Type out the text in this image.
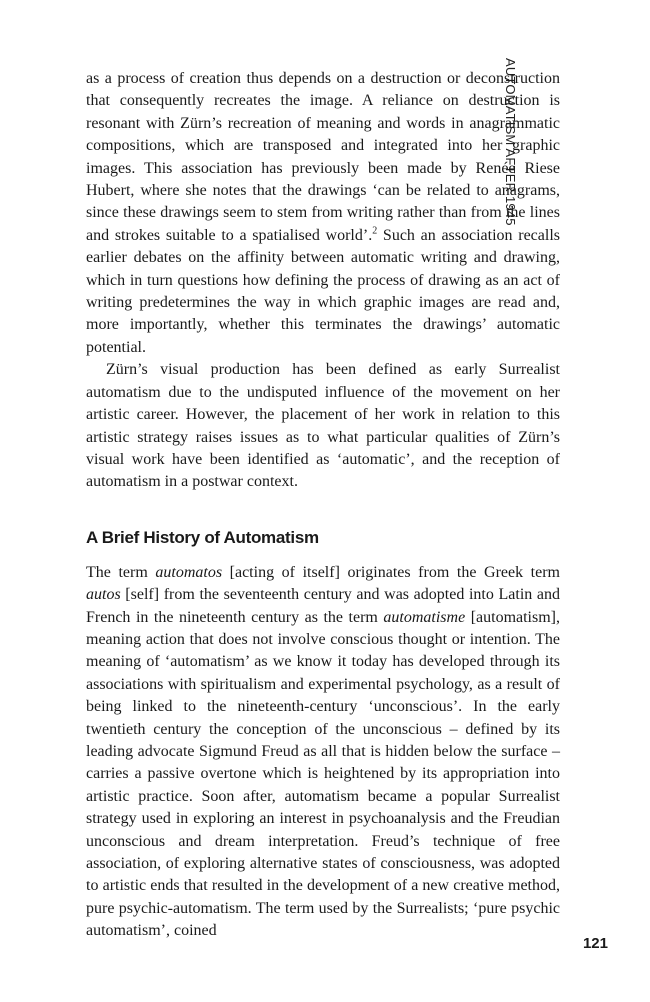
AUTOMATISM AFTER 1945

as a process of creation thus depends on a destruction or deconstruction that consequently recreates the image. A reliance on destruction is resonant with Zürn’s recreation of meaning and words in anagrammatic compositions, which are transposed and integrated into her graphic images. This association has previously been made by Renée Riese Hubert, where she notes that the drawings ‘can be related to anagrams, since these drawings seem to stem from writing rather than from the lines and strokes suitable to a spatialised world’.$^2$ Such an association recalls earlier debates on the affinity between automatic writing and drawing, which in turn questions how defining the process of drawing as an act of writing predetermines the way in which graphic images are read and, more importantly, whether this terminates the drawings’ automatic potential.

Zürn’s visual production has been defined as early Surrealist automatism due to the undisputed influence of the movement on her artistic career. However, the placement of her work in relation to this artistic strategy raises issues as to what particular qualities of Zürn’s visual work have been identified as ‘automatic’, and the reception of automatism in a postwar context.

A Brief History of Automatism

The term automatos [acting of itself] originates from the Greek term autos [self] from the seventeenth century and was adopted into Latin and French in the nineteenth century as the term automatisme [automatism], meaning action that does not involve conscious thought or intention. The meaning of ‘automatism’ as we know it today has developed through its associations with spiritualism and experimental psychology, as a result of being linked to the nineteenth-century ‘unconscious’. In the early twentieth century the conception of the unconscious – defined by its leading advocate Sigmund Freud as all that is hidden below the surface – carries a passive overtone which is heightened by its appropriation into artistic practice. Soon after, automatism became a popular Surrealist strategy used in exploring an interest in psychoanalysis and the Freudian unconscious and dream interpretation. Freud’s technique of free association, of exploring alternative states of consciousness, was adopted to artistic ends that resulted in the development of a new creative method, pure psychic-automatism. The term used by the Surrealists; ‘pure psychic automatism’, coined

121
